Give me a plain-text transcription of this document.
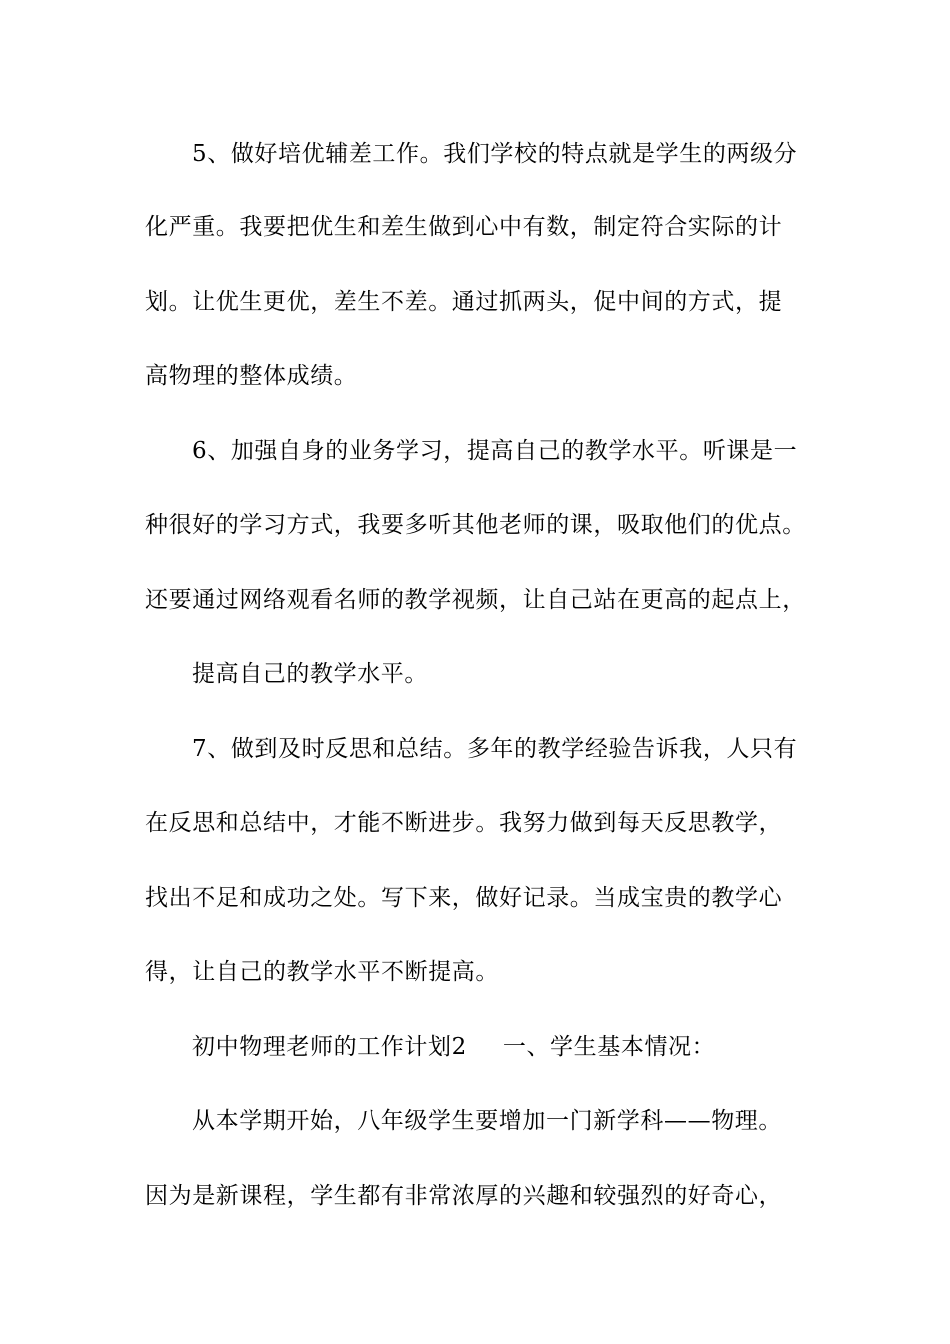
5、做好培优辅差工作。我们学校的特点就是学生的两级分
化严重。我要把优生和差生做到心中有数，制定符合实际的计
划。让优生更优，差生不差。通过抓两头，促中间的方式，提
高物理的整体成绩。
6、加强自身的业务学习，提高自己的教学水平。听课是一
种很好的学习方式，我要多听其他老师的课，吸取他们的优点。
还要通过网络观看名师的教学视频，让自己站在更高的起点上，
提高自己的教学水平。
7、做到及时反思和总结。多年的教学经验告诉我，人只有
在反思和总结中，才能不断进步。我努力做到每天反思教学，
找出不足和成功之处。写下来，做好记录。当成宝贵的教学心
得，让自己的教学水平不断提高。
初中物理老师的工作计划2 一、学生基本情况：
从本学期开始，八年级学生要增加一门新学科——物理。
因为是新课程，学生都有非常浓厚的兴趣和较强烈的好奇心，
